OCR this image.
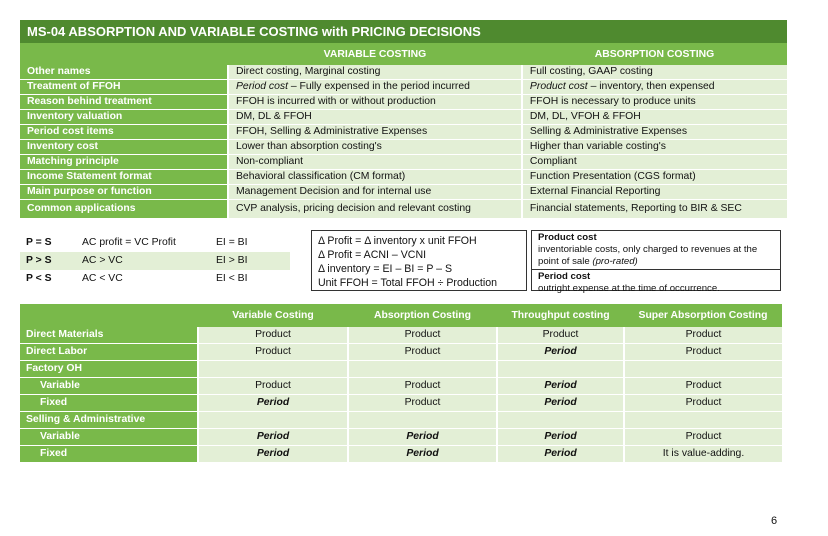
MS-04 ABSORPTION AND VARIABLE COSTING with PRICING DECISIONS
	VARIABLE COSTING	ABSORPTION COSTING
Other names	Direct costing, Marginal costing	Full costing, GAAP costing
Treatment of FFOH	Period cost – Fully expensed in the period incurred	Product cost – inventory, then expensed
Reason behind treatment	FFOH is incurred with or without production	FFOH is necessary to produce units
Inventory valuation	DM, DL & FFOH	DM, DL, VFOH & FFOH
Period cost items	FFOH, Selling & Administrative Expenses	Selling & Administrative Expenses
Inventory cost	Lower than absorption costing's	Higher than variable costing's
Matching principle	Non-compliant	Compliant
Income Statement format	Behavioral classification (CM format)	Function Presentation (CGS format)
Main purpose or function	Management Decision and for internal use	External Financial Reporting
Common applications	CVP analysis, pricing decision and relevant costing	Financial statements, Reporting to BIR & SEC
P = S	AC profit = VC Profit	EI = BI
P > S	AC > VC	EI > BI
P < S	AC < VC	EI < BI
Δ Profit = Δ inventory x unit FFOH
Δ Profit = ACNI – VCNI
Δ inventory = EI – BI = P – S
Unit FFOH = Total FFOH ÷ Production
Product cost
inventoriable costs, only charged to revenues at the point of sale (pro-rated)
Period cost
outright expense at the time of occurrence.
	Variable Costing	Absorption Costing	Throughput costing	Super Absorption Costing
Direct Materials	Product	Product	Product	Product
Direct Labor	Product	Product	Period	Product
Factory OH				
Variable	Product	Product	Period	Product
Fixed	Period	Product	Period	Product
Selling & Administrative				
Variable	Period	Period	Period	Product
Fixed	Period	Period	Period	It is value-adding.
6
